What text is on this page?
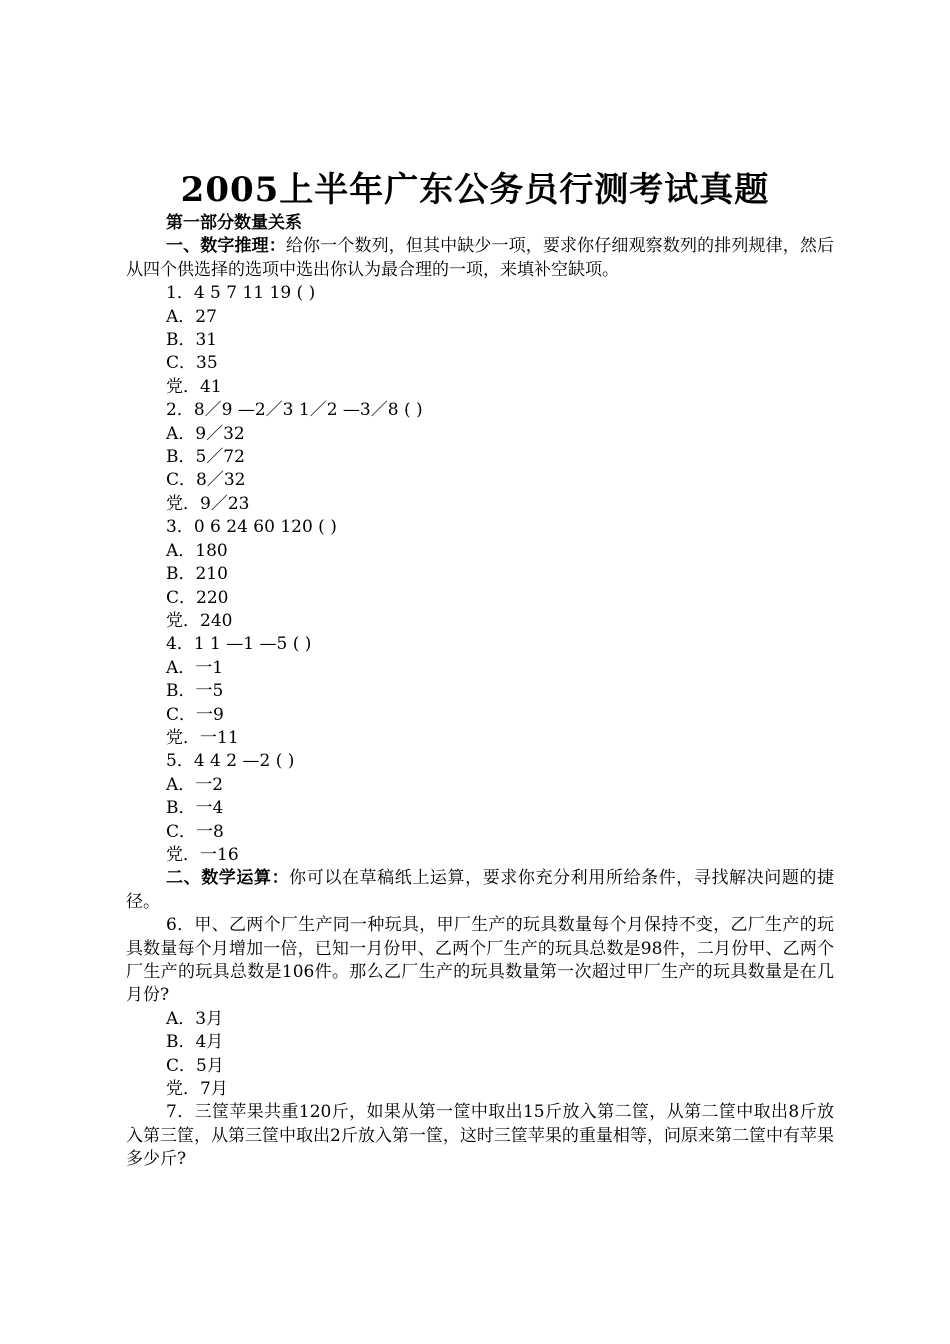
2005上半年广东公务员行测考试真题
第一部分数量关系
一、数字推理：给你一个数列，但其中缺少一项，要求你仔细观察数列的排列规律，然后从四个供选择的选项中选出你认为最合理的一项，来填补空缺项。
1．4 5 7 11 19 ( )
A．27
B．31
C．35
党．41
2．8／9 —2／3 1／2 —3／8 ( )
A．9／32
B．5／72
C．8／32
党．9／23
3．0 6 24 60 120 ( )
A．180
B．210
C．220
党．240
4．1 1 —1 —5 ( )
A．一1
B．一5
C．一9
党．一11
5．4 4 2 —2 ( )
A．一2
B．一4
C．一8
党．一16
二、数学运算：你可以在草稿纸上运算，要求你充分利用所给条件，寻找解决问题的捷径。
6．甲、乙两个厂生产同一种玩具，甲厂生产的玩具数量每个月保持不变，乙厂生产的玩具数量每个月增加一倍，已知一月份甲、乙两个厂生产的玩具总数是98件，二月份甲、乙两个厂生产的玩具总数是106件。那么乙厂生产的玩具数量第一次超过甲厂生产的玩具数量是在几月份?
A．3月
B．4月
C．5月
党．7月
7．三筐苹果共重120斤，如果从第一筐中取出15斤放入第二筐，从第二筐中取出8斤放入第三筐，从第三筐中取出2斤放入第一筐，这时三筐苹果的重量相等，问原来第二筐中有苹果多少斤?
